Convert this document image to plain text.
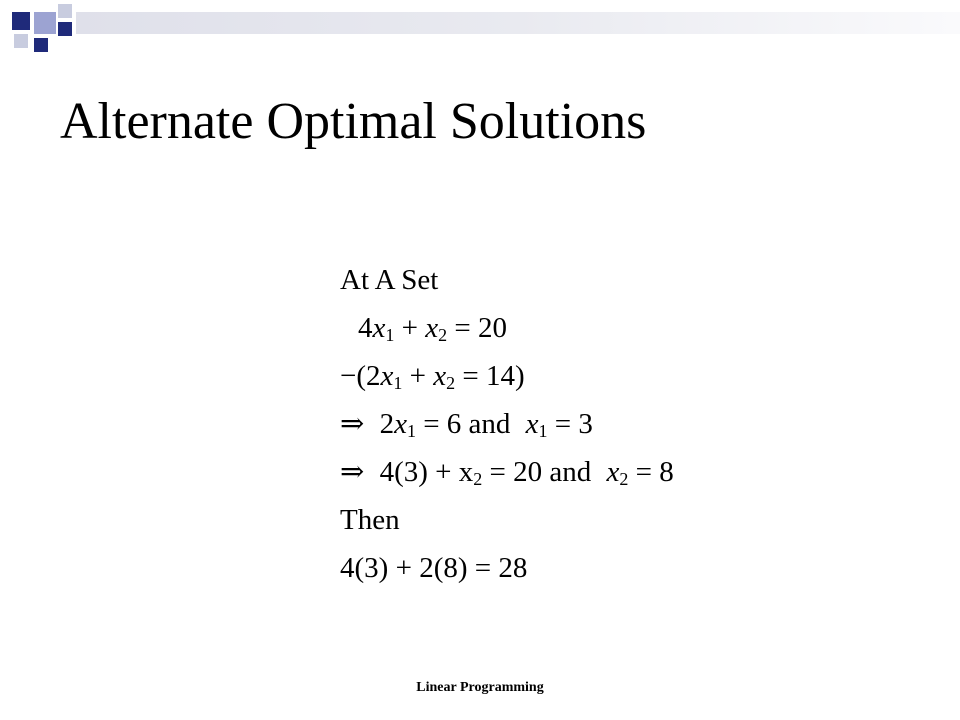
Alternate Optimal Solutions
At A Set
$4x_1 + x_2 = 20$
$-(2x_1 + x_2 = 14)$
⇒ $2x_1 = 6$ and $x_1 = 3$
⇒ $4(3) + x_2 = 20$ and $x_2 = 8$
Then
4(3) + 2(8) = 28
Linear Programming
